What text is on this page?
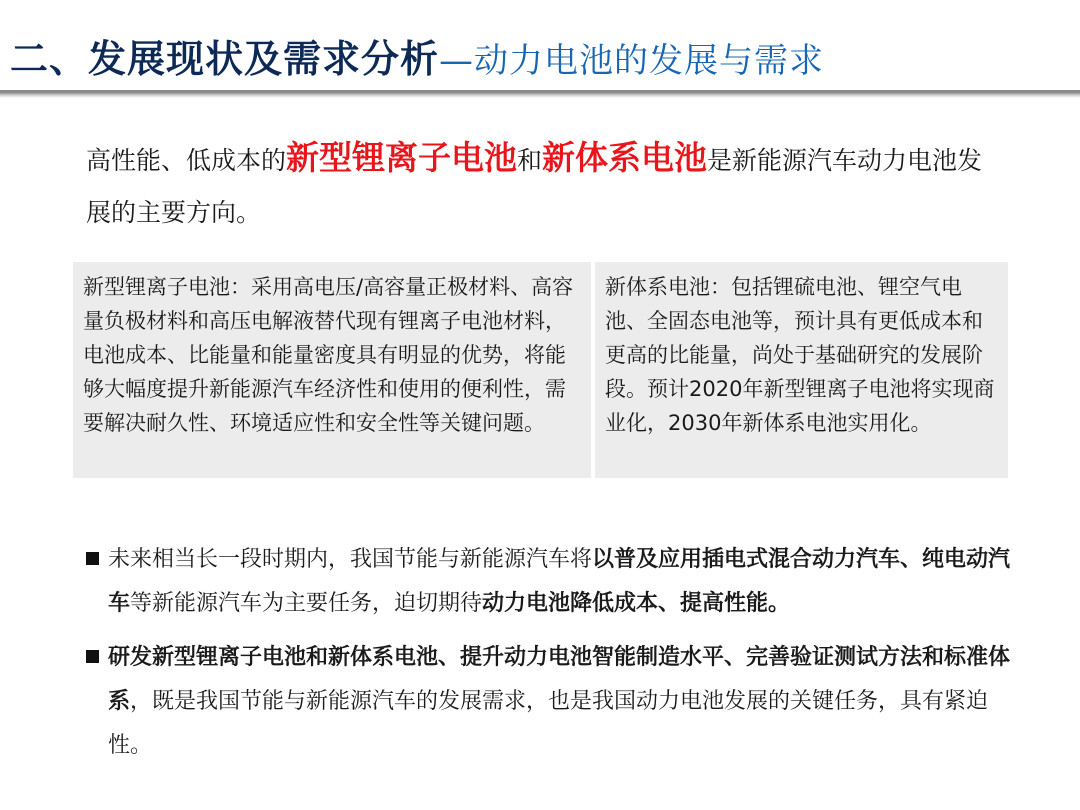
二、发展现状及需求分析—动力电池的发展与需求
高性能、低成本的新型锂离子电池和新体系电池是新能源汽车动力电池发展的主要方向。
新型锂离子电池：采用高电压/高容量正极材料、高容量负极材料和高压电解液替代现有锂离子电池材料，电池成本、比能量和能量密度具有明显的优势，将能够大幅度提升新能源汽车经济性和使用的便利性，需要解决耐久性、环境适应性和安全性等关键问题。
新体系电池：包括锂硫电池、锂空气电池、全固态电池等，预计具有更低成本和更高的比能量，尚处于基础研究的发展阶段。预计2020年新型锂离子电池将实现商业化，2030年新体系电池实用化。
未来相当长一段时期内，我国节能与新能源汽车将以普及应用插电式混合动力汽车、纯电动汽车等新能源汽车为主要任务，迫切期待动力电池降低成本、提高性能。
研发新型锂离子电池和新体系电池、提升动力电池智能制造水平、完善验证测试方法和标准体系，既是我国节能与新能源汽车的发展需求，也是我国动力电池发展的关键任务，具有紧迫性。
